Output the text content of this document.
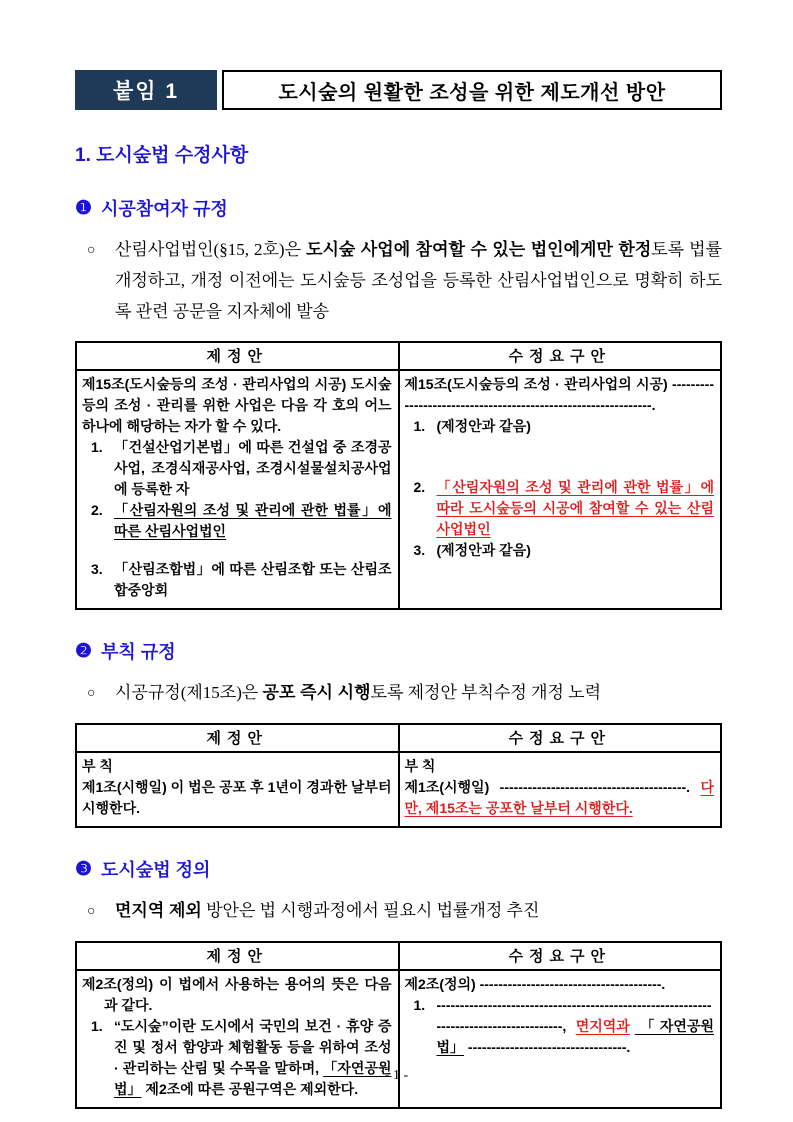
붙임 1	도시숲의 원활한 조성을 위한 제도개선 방안
1. 도시숲법 수정사항
❶ 시공참여자 규정
○	산림사업법인(§15, 2호)은 도시숲 사업에 참여할 수 있는 법인에게만 한정토록 법률 개정하고, 개정 이전에는 도시숲등 조성업을 등록한 산림사업법인으로 명확히 하도록 관련 공문을 지자체에 발송
제정안	수정요구안

제15조(도시숲등의 조성 · 관리사업의 시공) 도시숲등의 조성 · 관리를 위한 사업은 다음 각 호의 어느 하나에 해당하는 자가 할 수 있다.
1. 「건설산업기본법」에 따른 건설업 중 조경공사업, 조경식재공사업, 조경시설물설치공사업에 등록한 자
2. 「산림자원의 조성 및 관리에 관한 법률」에 따른 산림사업법인
3. 「산림조합법」에 따른 산림조합 또는 산림조합중앙회

제15조(도시숲등의 조성 · 관리사업의 시공) --------------------------------------------------------------.
1. (제정안과 같음)
2. 「산림자원의 조성 및 관리에 관한 법률」에 따라 도시숲등의 시공에 참여할 수 있는 산림사업법인
3. (제정안과 같음)
❷ 부칙 규정
○	시공규정(제15조)은 공포 즉시 시행토록 제정안 부칙수정 개정 노력
제정안	수정요구안

부 칙
제1조(시행일) 이 법은 공포 후 1년이 경과한 날부터 시행한다.

부 칙
제1조(시행일) ----------------------------------------. 다만, 제15조는 공포한 날부터 시행한다.
❸ 도시숲법 정의
○	면지역 제외 방안은 법 시행과정에서 필요시 법률개정 추진
제정안	수정요구안

제2조(정의) 이 법에서 사용하는 용어의 뜻은 다음과 같다.
1. “도시숲”이란 도시에서 국민의 보건 · 휴양 증진 및 정서 함양과 체험활동 등을 위하여 조성 · 관리하는 산림 및 수목을 말하며, 「자연공원법」 제2조에 따른 공원구역은 제외한다.

제2조(정의) ---------------------------------------.
1. --------------------------------------------------------------------------------------, 면지역과 「자연공원법」 ----------------------------------.
- 1 -
